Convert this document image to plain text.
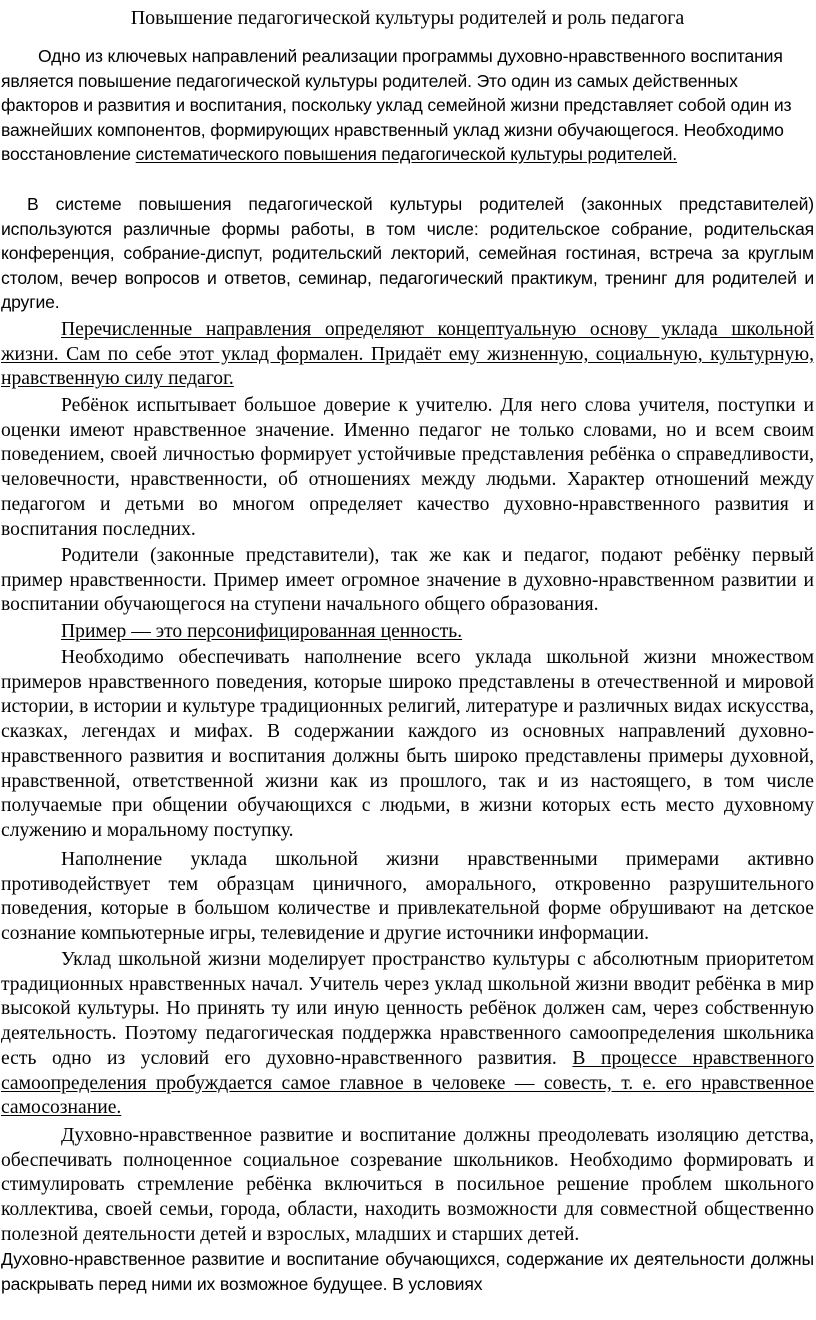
Повышение педагогической культуры родителей и роль педагога

Одно из ключевых направлений реализации программы духовно-нравственного воспитания является повышение педагогической культуры родителей. Это один из самых действенных факторов и развития и воспитания, поскольку уклад семейной жизни представляет собой один из важнейших компонентов, формирующих нравственный уклад жизни обучающегося. Необходимо восстановление систематического повышения педагогической культуры родителей.

В системе повышения педагогической культуры родителей (законных представителей) используются различные формы работы, в том числе: родительское собрание, родительская конференция, собрание-диспут, родительский лекторий, семейная гостиная, встреча за круглым столом, вечер вопросов и ответов, семинар, педагогический практикум, тренинг для родителей и другие.

Перечисленные направления определяют концептуальную основу уклада школьной жизни. Сам по себе этот уклад формален. Придаёт ему жизненную, социальную, культурную, нравственную силу педагог.

Ребёнок испытывает большое доверие к учителю. Для него слова учителя, поступки и оценки имеют нравственное значение. Именно педагог не только словами, но и всем своим поведением, своей личностью формирует устойчивые представления ребёнка о справедливости, человечности, нравственности, об отношениях между людьми. Характер отношений между педагогом и детьми во многом определяет качество духовно-нравственного развития и воспитания последних.

Родители (законные представители), так же как и педагог, подают ребёнку первый пример нравственности. Пример имеет огромное значение в духовно-нравственном развитии и воспитании обучающегося на ступени начального общего образования.

Пример — это персонифицированная ценность.

Необходимо обеспечивать наполнение всего уклада школьной жизни множеством примеров нравственного поведения, которые широко представлены в отечественной и мировой истории, в истории и культуре традиционных религий, литературе и различных видах искусства, сказках, легендах и мифах. В содержании каждого из основных направлений духовно-нравственного развития и воспитания должны быть широко представлены примеры духовной, нравственной, ответственной жизни как из прошлого, так и из настоящего, в том числе получаемые при общении обучающихся с людьми, в жизни которых есть место духовному служению и моральному поступку.

Наполнение уклада школьной жизни нравственными примерами активно противодействует тем образцам циничного, аморального, откровенно разрушительного поведения, которые в большом количестве и привлекательной форме обрушивают на детское сознание компьютерные игры, телевидение и другие источники информации.

Уклад школьной жизни моделирует пространство культуры с абсолютным приоритетом традиционных нравственных начал. Учитель через уклад школьной жизни вводит ребёнка в мир высокой культуры. Но принять ту или иную ценность ребёнок должен сам, через собственную деятельность. Поэтому педагогическая поддержка нравственного самоопределения школьника есть одно из условий его духовно-нравственного развития. В процессе нравственного самоопределения пробуждается самое главное в человеке — совесть, т. е. его нравственное самосознание.

Духовно-нравственное развитие и воспитание должны преодолевать изоляцию детства, обеспечивать полноценное социальное созревание школьников. Необходимо формировать и стимулировать стремление ребёнка включиться в посильное решение проблем школьного коллектива, своей семьи, города, области, находить возможности для совместной общественно полезной деятельности детей и взрослых, младших и старших детей.

Духовно-нравственное развитие и воспитание обучающихся, содержание их деятельности должны раскрывать перед ними их возможное будущее. В условиях
